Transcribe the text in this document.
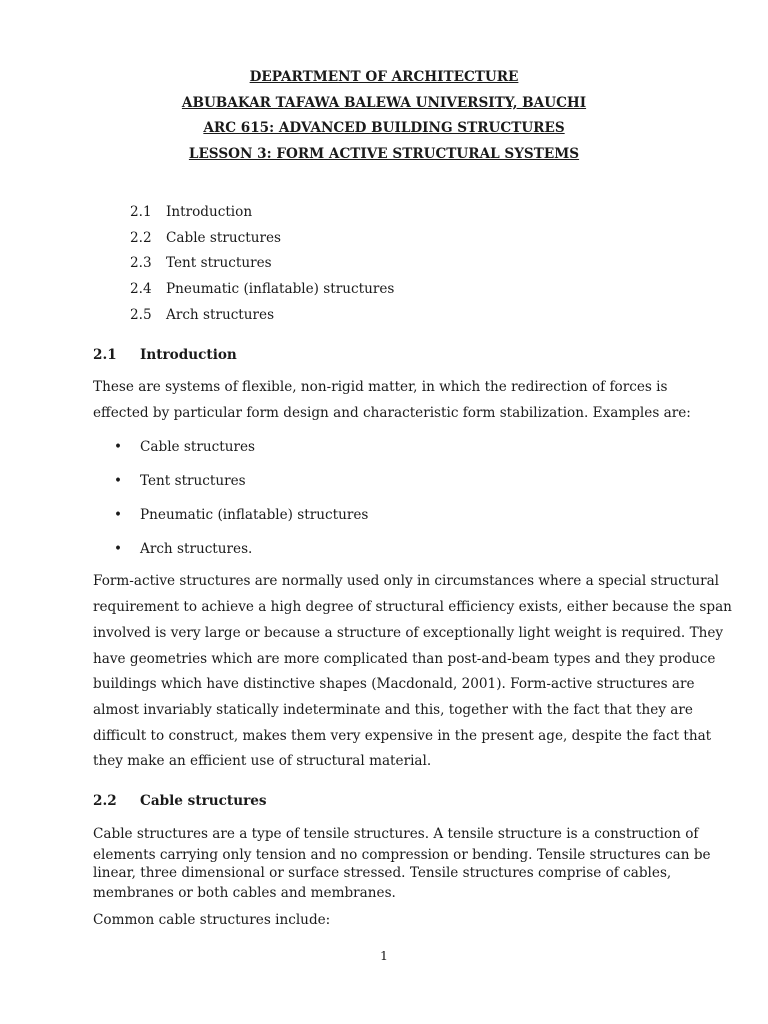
DEPARTMENT OF ARCHITECTURE
ABUBAKAR TAFAWA BALEWA UNIVERSITY, BAUCHI
ARC 615: ADVANCED BUILDING STRUCTURES
LESSON 3: FORM ACTIVE STRUCTURAL SYSTEMS
2.1 Introduction
2.2 Cable structures
2.3 Tent structures
2.4 Pneumatic (inflatable) structures
2.5 Arch structures
2.1 Introduction
These are systems of flexible, non-rigid matter, in which the redirection of forces is
effected by particular form design and characteristic form stabilization. Examples are:
• Cable structures
• Tent structures
• Pneumatic (inflatable) structures
• Arch structures.
Form-active structures are normally used only in circumstances where a special structural
requirement to achieve a high degree of structural efficiency exists, either because the span
involved is very large or because a structure of exceptionally light weight is required. They
have geometries which are more complicated than post-and-beam types and they produce
buildings which have distinctive shapes (Macdonald, 2001). Form-active structures are
almost invariably statically indeterminate and this, together with the fact that they are
difficult to construct, makes them very expensive in the present age, despite the fact that
they make an efficient use of structural material.
2.2 Cable structures
Cable structures are a type of tensile structures. A tensile structure is a construction of
elements carrying only tension and no compression or bending. Tensile structures can be
linear, three dimensional or surface stressed. Tensile structures comprise of cables,
membranes or both cables and membranes.
Common cable structures include:
1
